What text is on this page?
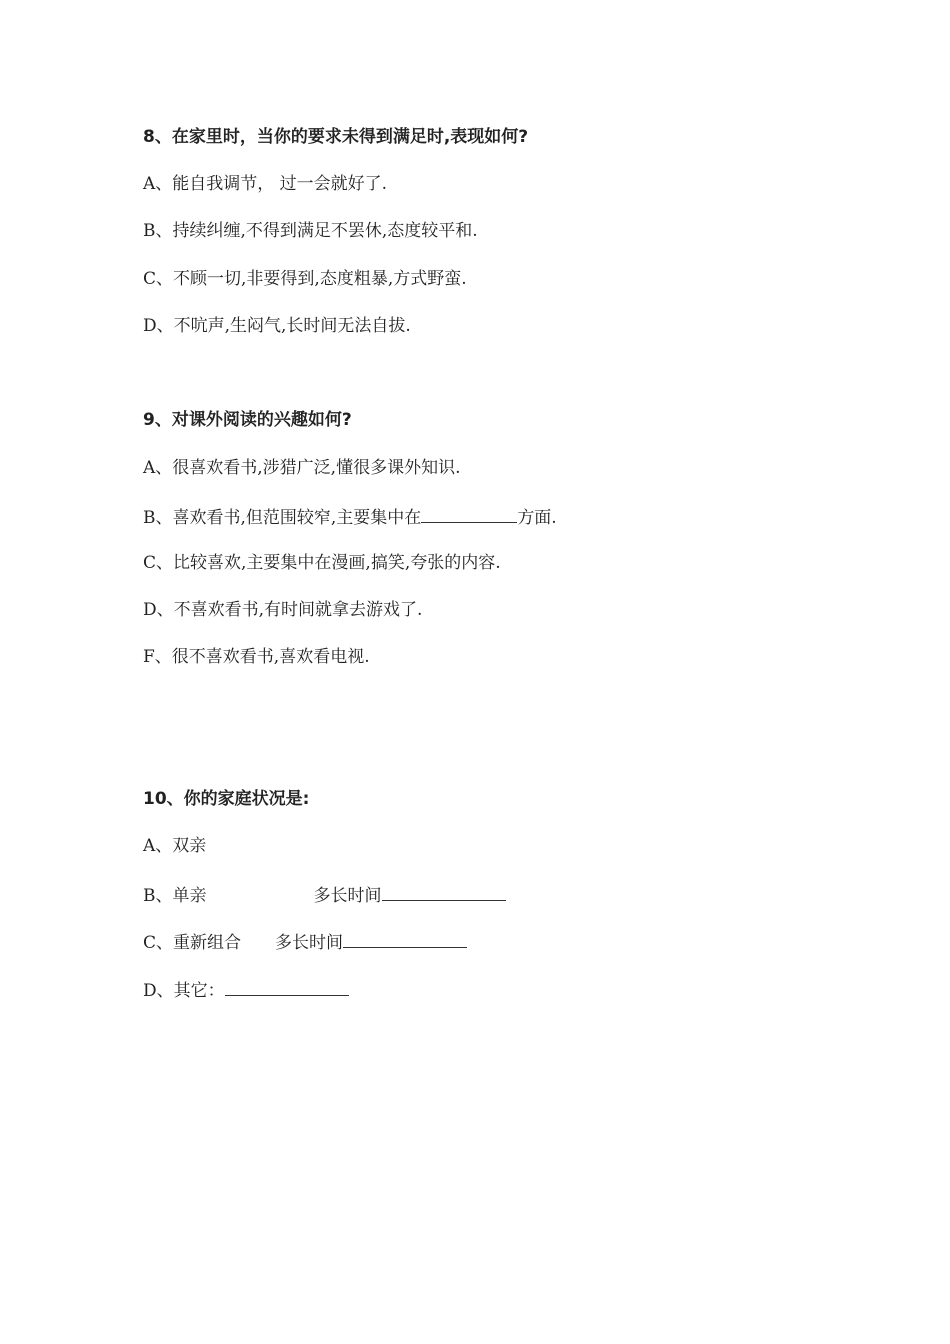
8、在家里时，当你的要求未得到满足时,表现如何?
A、能自我调节， 过一会就好了.
B、持续纠缠,不得到满足不罢休,态度较平和.
C、不顾一切,非要得到,态度粗暴,方式野蛮.
D、不吭声,生闷气,长时间无法自拔.
9、对课外阅读的兴趣如何?
A、很喜欢看书,涉猎广泛,懂很多课外知识.
B、喜欢看书,但范围较窄,主要集中在	方面.
C、比较喜欢,主要集中在漫画,搞笑,夸张的内容.
D、不喜欢看书,有时间就拿去游戏了.
F、很不喜欢看书,喜欢看电视.
10、你的家庭状况是:
A、双亲
B、单亲	多长时间
C、重新组合 多长时间
D、其它：
